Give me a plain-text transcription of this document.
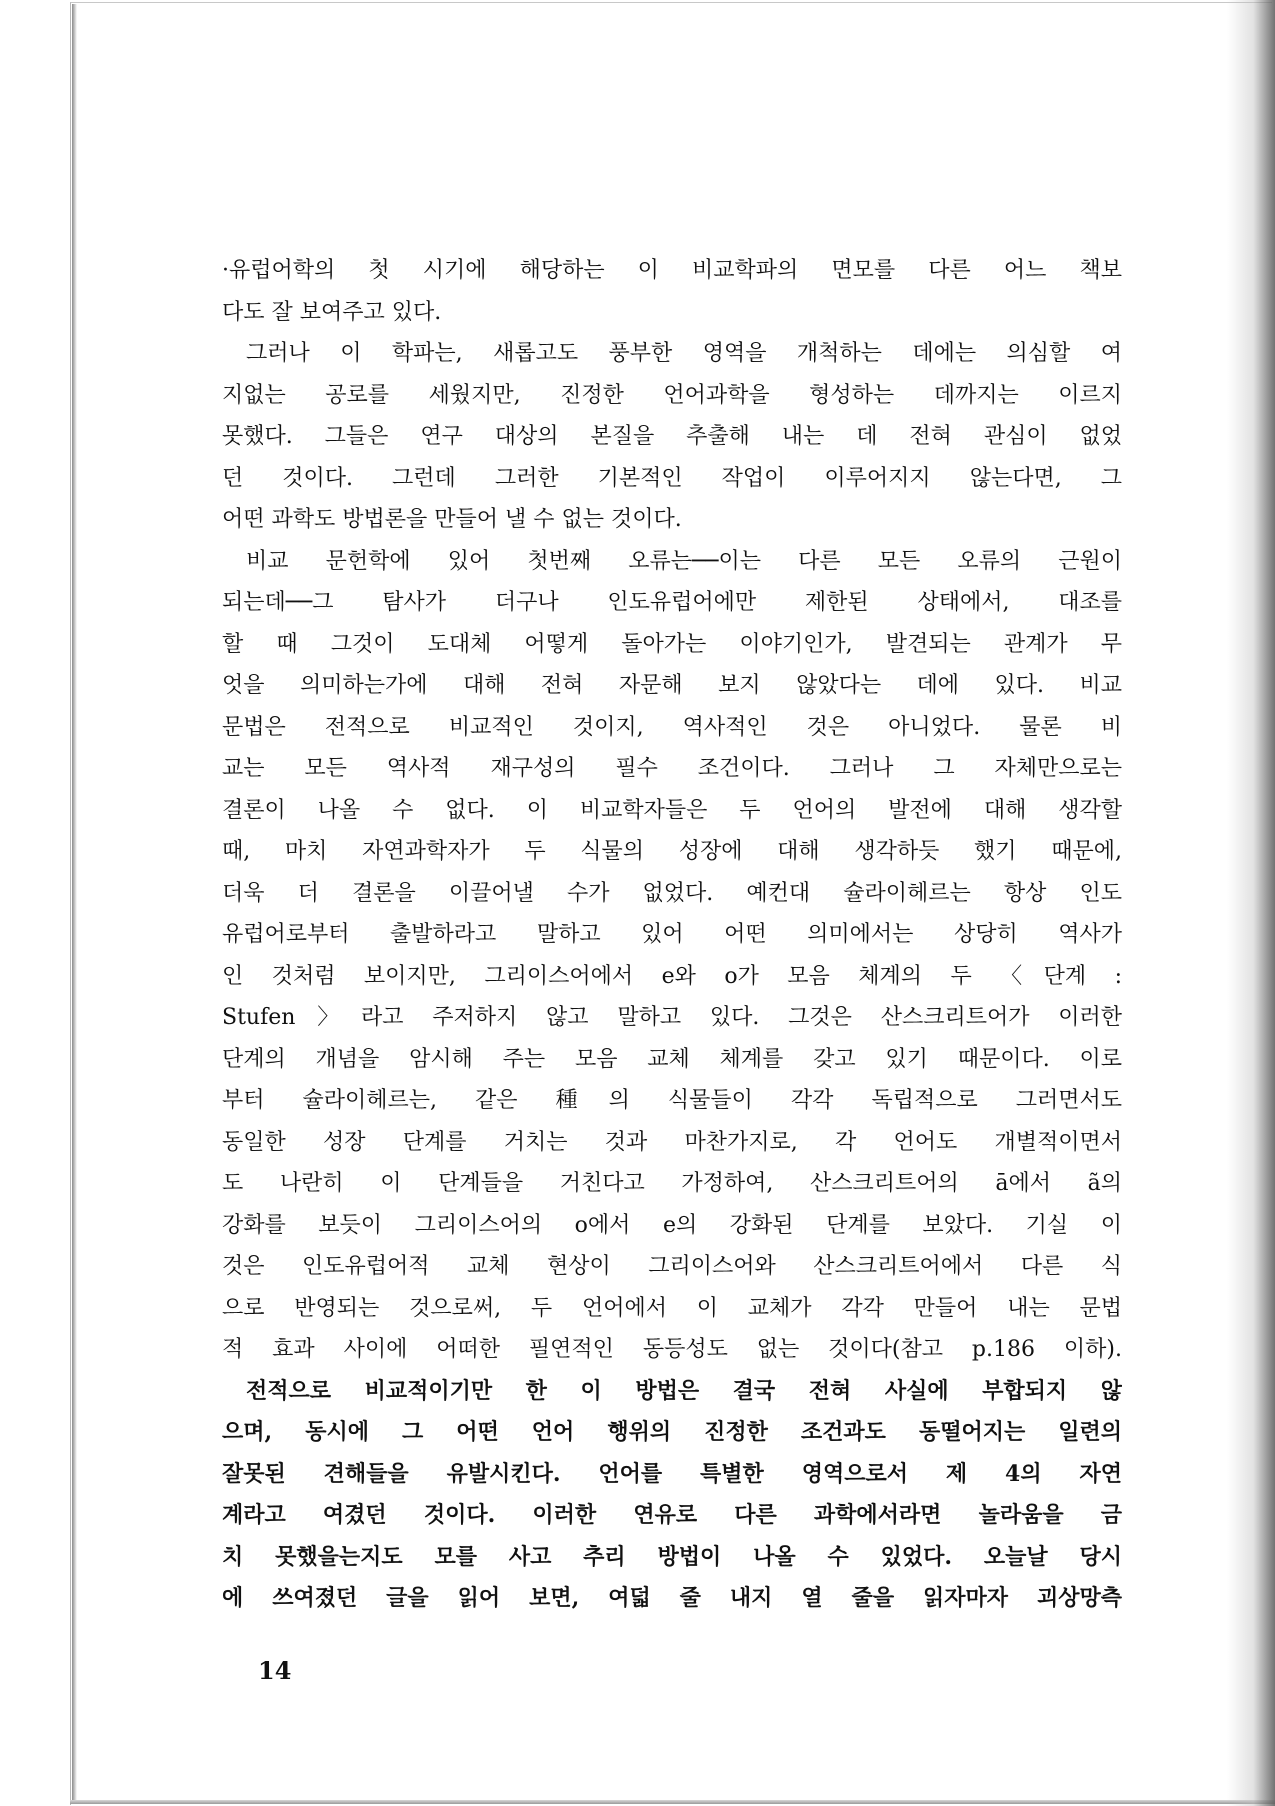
·유럽어학의 첫 시기에 해당하는 이 비교학파의 면모를 다른 어느 책보
다도 잘 보여주고 있다.
그러나 이 학파는, 새롭고도 풍부한 영역을 개척하는 데에는 의심할 여
지없는 공로를 세웠지만, 진정한 언어과학을 형성하는 데까지는 이르지
못했다. 그들은 연구 대상의 본질을 추출해 내는 데 전혀 관심이 없었
던 것이다. 그런데 그러한 기본적인 작업이 이루어지지 않는다면, 그
어떤 과학도 방법론을 만들어 낼 수 없는 것이다.
비교 문헌학에 있어 첫번째 오류는──이는 다른 모든 오류의 근원이
되는데──그 탐사가 더구나 인도유럽어에만 제한된 상태에서, 대조를
할 때 그것이 도대체 어떻게 돌아가는 이야기인가, 발견되는 관계가 무
엇을 의미하는가에 대해 전혀 자문해 보지 않았다는 데에 있다. 비교
문법은 전적으로 비교적인 것이지, 역사적인 것은 아니었다. 물론 비
교는 모든 역사적 재구성의 필수 조건이다. 그러나 그 자체만으로는
결론이 나올 수 없다. 이 비교학자들은 두 언어의 발전에 대해 생각할
때, 마치 자연과학자가 두 식물의 성장에 대해 생각하듯 했기 때문에,
더욱 더 결론을 이끌어낼 수가 없었다. 예컨대 슐라이헤르는 항상 인도
유럽어로부터 출발하라고 말하고 있어 어떤 의미에서는 상당히 역사가
인 것처럼 보이지만, 그리이스어에서 e와 o가 모음 체계의 두 〈단계 :
Stufen〉라고 주저하지 않고 말하고 있다. 그것은 산스크리트어가 이러한
단계의 개념을 암시해 주는 모음 교체 체계를 갖고 있기 때문이다. 이로
부터 슐라이헤르는, 같은 種의 식물들이 각각 독립적으로 그러면서도
동일한 성장 단계를 거치는 것과 마찬가지로, 각 언어도 개별적이면서
도 나란히 이 단계들을 거친다고 가정하여, 산스크리트어의 ā에서 ã의
강화를 보듯이 그리이스어의 o에서 e의 강화된 단계를 보았다. 기실 이
것은 인도유럽어적 교체 현상이 그리이스어와 산스크리트어에서 다른 식
으로 반영되는 것으로써, 두 언어에서 이 교체가 각각 만들어 내는 문법
적 효과 사이에 어떠한 필연적인 동등성도 없는 것이다(참고 p.186 이하).
전적으로 비교적이기만 한 이 방법은 결국 전혀 사실에 부합되지 않
으며, 동시에 그 어떤 언어 행위의 진정한 조건과도 동떨어지는 일련의
잘못된 견해들을 유발시킨다. 언어를 특별한 영역으로서 제 4의 자연
계라고 여겼던 것이다. 이러한 연유로 다른 과학에서라면 놀라움을 금
치 못했을는지도 모를 사고 추리 방법이 나올 수 있었다. 오늘날 당시
에 쓰여졌던 글을 읽어 보면, 여덟 줄 내지 열 줄을 읽자마자 괴상망측
14
